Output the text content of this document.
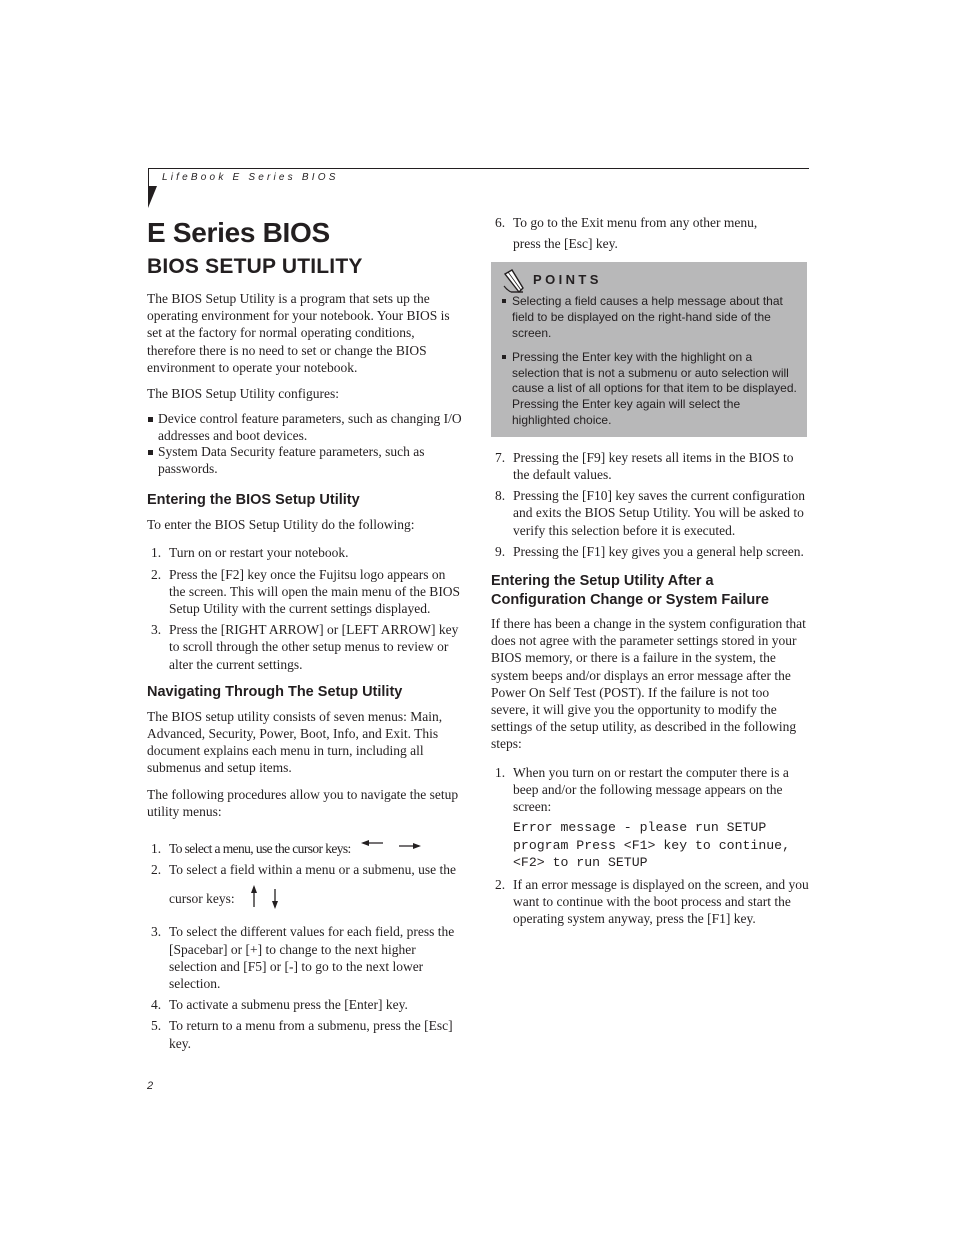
LifeBook E Series BIOS
E Series BIOS
BIOS SETUP UTILITY

The BIOS Setup Utility is a program that sets up the operating environment for your notebook. Your BIOS is set at the factory for normal operating conditions, therefore there is no need to set or change the BIOS environment to operate your notebook.

The BIOS Setup Utility configures:

Device control feature parameters, such as changing I/O addresses and boot devices.
System Data Security feature parameters, such as passwords.
Entering the BIOS Setup Utility

To enter the BIOS Setup Utility do the following:

1. Turn on or restart your notebook.
2. Press the [F2] key once the Fujitsu logo appears on the screen. This will open the main menu of the BIOS Setup Utility with the current settings displayed.
3. Press the [RIGHT ARROW] or [LEFT ARROW] key to scroll through the other setup menus to review or alter the current settings.
Navigating Through The Setup Utility

The BIOS setup utility consists of seven menus: Main, Advanced, Security, Power, Boot, Info, and Exit. This document explains each menu in turn, including all submenus and setup items.

The following procedures allow you to navigate the setup utility menus:

1. To select a menu, use the cursor keys:
2. To select a field within a menu or a submenu, use the
cursor keys:
3. To select the different values for each field, press the [Spacebar] or [+] to change to the next higher selection and [F5] or [-] to go to the next lower selection.
4. To activate a submenu press the [Enter] key.
5. To return to a menu from a submenu, press the [Esc] key.
6. To go to the Exit menu from any other menu,
press the [Esc] key.
POINTS
Selecting a field causes a help message about that field to be displayed on the right-hand side of the screen.
Pressing the Enter key with the highlight on a selection that is not a submenu or auto selection will cause a list of all options for that item to be displayed. Pressing the Enter key again will select the highlighted choice.
7. Pressing the [F9] key resets all items in the BIOS to the default values.
8. Pressing the [F10] key saves the current configuration and exits the BIOS Setup Utility. You will be asked to verify this selection before it is executed.
9. Pressing the [F1] key gives you a general help screen.
Entering the Setup Utility After a Configuration Change or System Failure

If there has been a change in the system configuration that does not agree with the parameter settings stored in your BIOS memory, or there is a failure in the system, the system beeps and/or displays an error message after the Power On Self Test (POST). If the failure is not too severe, it will give you the opportunity to modify the settings of the setup utility, as described in the following steps:

1. When you turn on or restart the computer there is a beep and/or the following message appears on the screen:
Error message - please run SETUP
program Press <F1> key to continue,
<F2> to run SETUP
2. If an error message is displayed on the screen, and you want to continue with the boot process and start the operating system anyway, press the [F1] key.
2
